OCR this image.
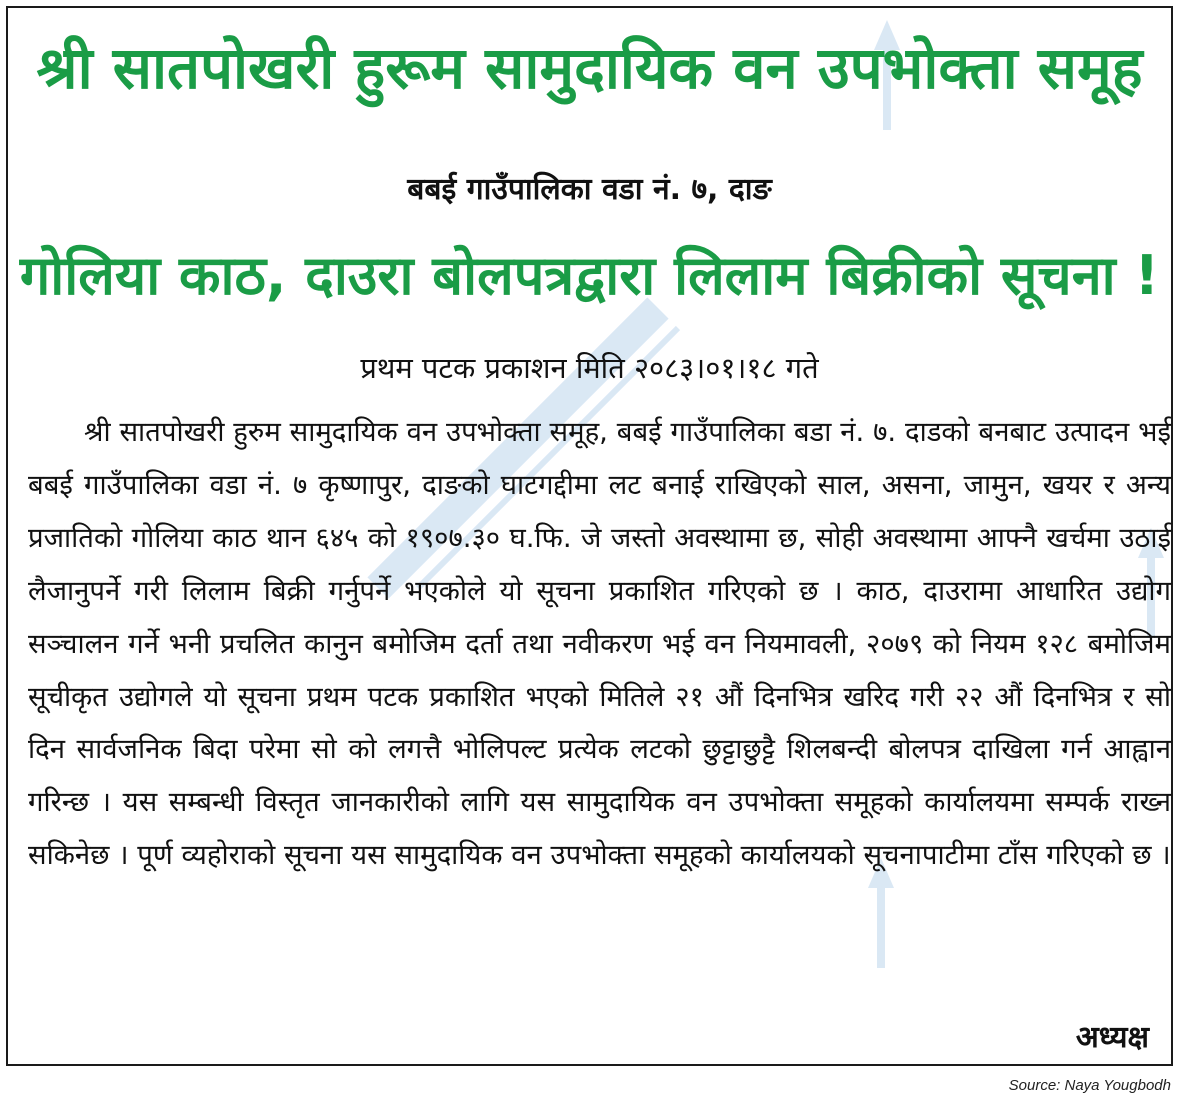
श्री सातपोखरी हुरूम सामुदायिक वन उपभोक्ता समूह
बबई गाउँपालिका वडा नं. ७, दाङ
गोलिया काठ, दाउरा बोलपत्रद्वारा लिलाम बिक्रीको सूचना !
प्रथम पटक प्रकाशन मिति २०८३।०१।१८ गते

श्री सातपोखरी हुरुम सामुदायिक वन उपभोक्ता समूह, बबई गाउँपालिका बडा नं. ७. दाडको बनबाट उत्पादन भई बबई गाउँपालिका वडा नं. ७ कृष्णापुर, दाङको घाटगद्दीमा लट बनाई राखिएको साल, असना, जामुन, खयर र अन्य प्रजातिको गोलिया काठ थान ६४५ को १९०७.३० घ.फि. जे जस्तो अवस्थामा छ, सोही अवस्थामा आफ्नै खर्चमा उठाई लैजानुपर्ने गरी लिलाम बिक्री गर्नुपर्ने भएकोले यो सूचना प्रकाशित गरिएको छ । काठ, दाउरामा आधारित उद्योग सञ्चालन गर्ने भनी प्रचलित कानुन बमोजिम दर्ता तथा नवीकरण भई वन नियमावली, २०७९ को नियम १२८ बमोजिम सूचीकृत उद्योगले यो सूचना प्रथम पटक प्रकाशित भएको मितिले २१ औं दिनभित्र खरिद गरी २२ औं दिनभित्र र सो दिन सार्वजनिक बिदा परेमा सो को लगत्तै भोलिपल्ट प्रत्येक लटको छुट्टाछुट्टै शिलबन्दी बोलपत्र दाखिला गर्न आह्वान गरिन्छ । यस सम्बन्धी विस्तृत जानकारीको लागि यस सामुदायिक वन उपभोक्ता समूहको कार्यालयमा सम्पर्क राख्न सकिनेछ । पूर्ण व्यहोराको सूचना यस सामुदायिक वन उपभोक्ता समूहको कार्यालयको सूचनापाटीमा टाँस गरिएको छ ।

अध्यक्ष
Source: Naya Yougbodh
